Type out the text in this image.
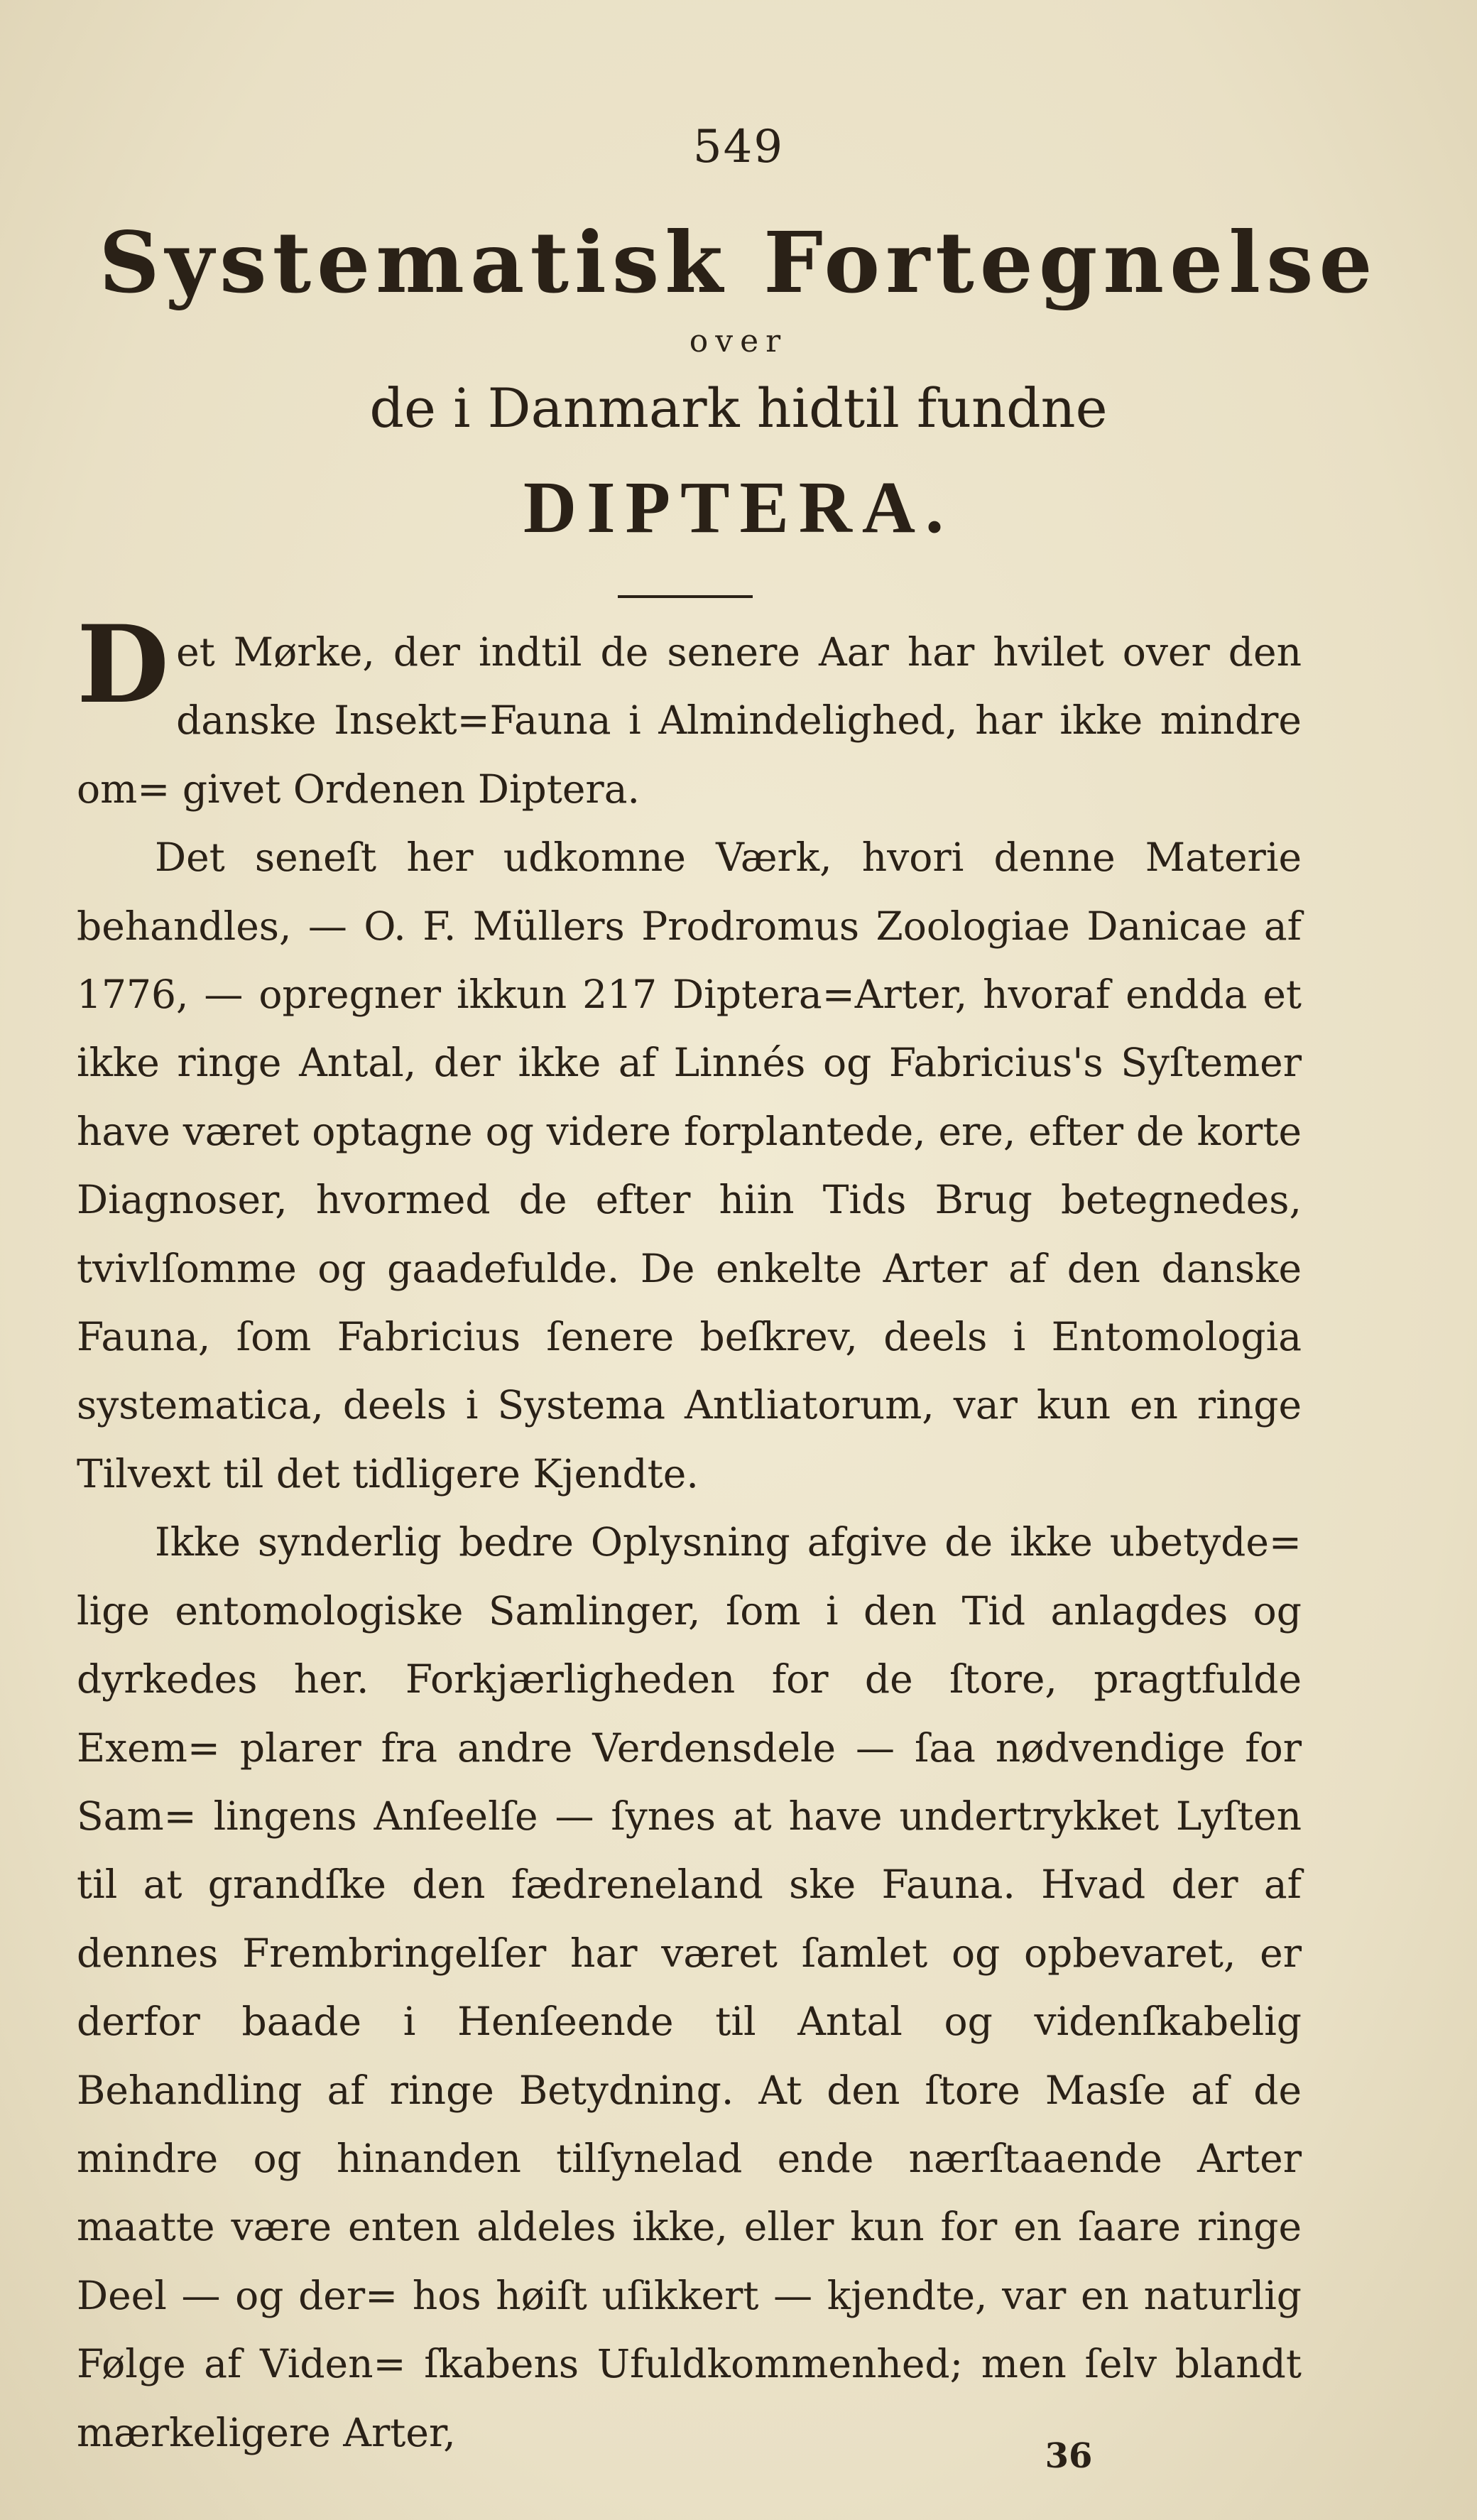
549
Systematisk Fortegnelse
over
de i Danmark hidtil fundne
DIPTERA.

Det Mørke, der indtil de senere Aar har hvilet over den danske Insekt=Fauna i Almindelighed, har ikke mindre om= givet Ordenen Diptera.

Det seneſt her udkomne Værk, hvori denne Materie behandles, — O. F. Müllers Prodromus Zoologiae Danicae af 1776, — opregner ikkun 217 Diptera=Arter, hvoraf endda et ikke ringe Antal, der ikke af Linnés og Fabricius's Syſtemer have været optagne og videre forplantede, ere, efter de korte Diagnoser, hvormed de efter hiin Tids Brug betegnedes, tvivlſomme og gaadefulde. De enkelte Arter af den danske Fauna, ſom Fabricius ſenere beſkrev, deels i Entomologia systematica, deels i Systema Antliatorum, var kun en ringe Tilvext til det tidligere Kjendte.

Ikke synderlig bedre Oplysning afgive de ikke ubetyde= lige entomologiske Samlinger, ſom i den Tid anlagdes og dyrkedes her. Forkjærligheden for de ſtore, pragtfulde Exem= plarer fra andre Verdensdele — ſaa nødvendige for Sam= lingens Anſeelſe — ſynes at have undertrykket Lyſten til at grandſke den fædreneland ske Fauna. Hvad der af dennes Frembringelſer har været ſamlet og opbevaret, er derfor baade i Henſeende til Antal og videnſkabelig Behandling af ringe Betydning. At den ſtore Masſe af de mindre og hinanden tilſynelad ende nærſtaaende Arter maatte være enten aldeles ikke, eller kun for en ſaare ringe Deel — og der= hos høiſt uſikkert — kjendte, var en naturlig Følge af Viden= ſkabens Ufuldkommenhed; men ſelv blandt mærkeligere Arter,

36
